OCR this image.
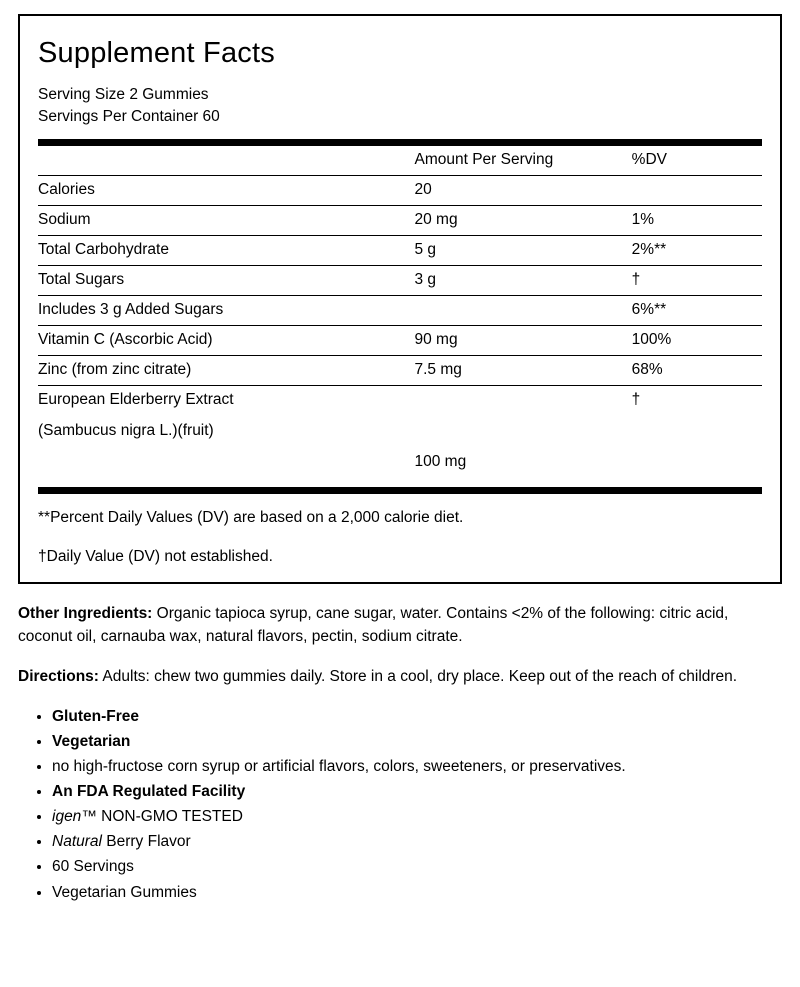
Supplement Facts
Serving Size 2 Gummies
Servings Per Container 60
	Amount Per Serving	%DV
Calories	20	
Sodium	20 mg	1%
Total Carbohydrate	5 g	2%**
Total Sugars	3 g	†
Includes 3 g Added Sugars		6%**
Vitamin C (Ascorbic Acid)	90 mg	100%
Zinc (from zinc citrate)	7.5 mg	68%
European Elderberry Extract		†
(Sambucus nigra L.)(fruit)		
	100 mg	
**Percent Daily Values (DV) are based on a 2,000 calorie diet.
†Daily Value (DV) not established.

Other Ingredients: Organic tapioca syrup, cane sugar, water. Contains <2% of the following: citric acid, coconut oil, carnauba wax, natural flavors, pectin, sodium citrate.

Directions: Adults: chew two gummies daily. Store in a cool, dry place. Keep out of the reach of children.

• Gluten-Free
• Vegetarian
• no high-fructose corn syrup or artificial flavors, colors, sweeteners, or preservatives.
• An FDA Regulated Facility
• igen™ NON-GMO TESTED
• Natural Berry Flavor
• 60 Servings
• Vegetarian Gummies
